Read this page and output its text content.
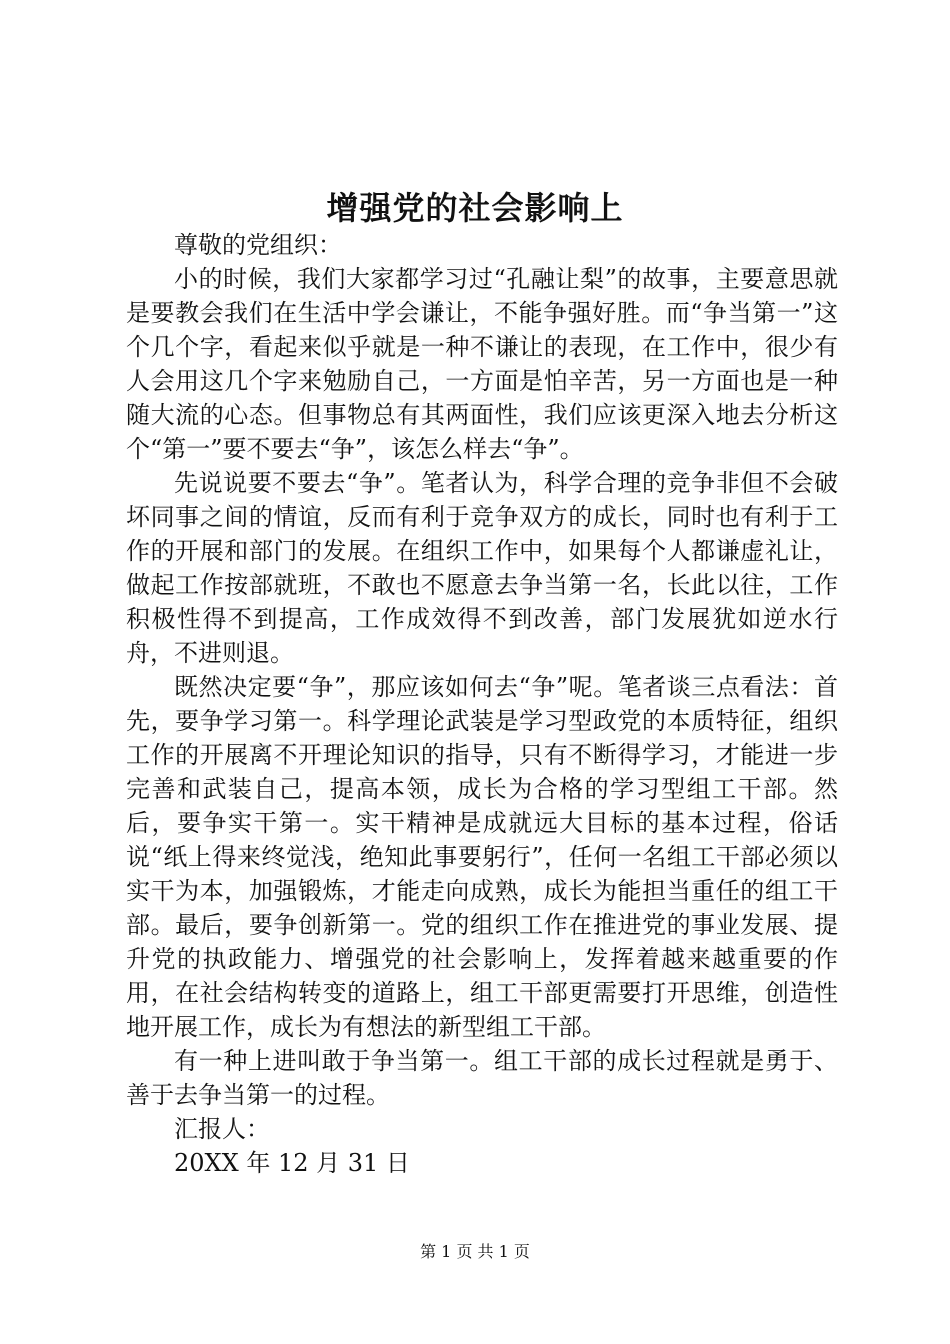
增强党的社会影响上

尊敬的党组织：

小的时候，我们大家都学习过“孔融让梨”的故事，主要意思就是要教会我们在生活中学会谦让，不能争强好胜。而“争当第一”这个几个字，看起来似乎就是一种不谦让的表现，在工作中，很少有人会用这几个字来勉励自己，一方面是怕辛苦，另一方面也是一种随大流的心态。但事物总有其两面性，我们应该更深入地去分析这个“第一”要不要去“争”，该怎么样去“争”。

先说说要不要去“争”。笔者认为，科学合理的竞争非但不会破坏同事之间的情谊，反而有利于竞争双方的成长，同时也有利于工作的开展和部门的发展。在组织工作中，如果每个人都谦虚礼让，做起工作按部就班，不敢也不愿意去争当第一名，长此以往，工作积极性得不到提高，工作成效得不到改善，部门发展犹如逆水行舟，不进则退。

既然决定要“争”，那应该如何去“争”呢。笔者谈三点看法：首先，要争学习第一。科学理论武装是学习型政党的本质特征，组织工作的开展离不开理论知识的指导，只有不断得学习，才能进一步完善和武装自己，提高本领，成长为合格的学习型组工干部。然后，要争实干第一。实干精神是成就远大目标的基本过程，俗话说“纸上得来终觉浅，绝知此事要躬行”，任何一名组工干部必须以实干为本，加强锻炼，才能走向成熟，成长为能担当重任的组工干部。最后，要争创新第一。党的组织工作在推进党的事业发展、提升党的执政能力、增强党的社会影响上，发挥着越来越重要的作用，在社会结构转变的道路上，组工干部更需要打开思维，创造性地开展工作，成长为有想法的新型组工干部。

有一种上进叫敢于争当第一。组工干部的成长过程就是勇于、善于去争当第一的过程。

汇报人：

20XX 年 12 月 31 日

第 1 页 共 1 页
